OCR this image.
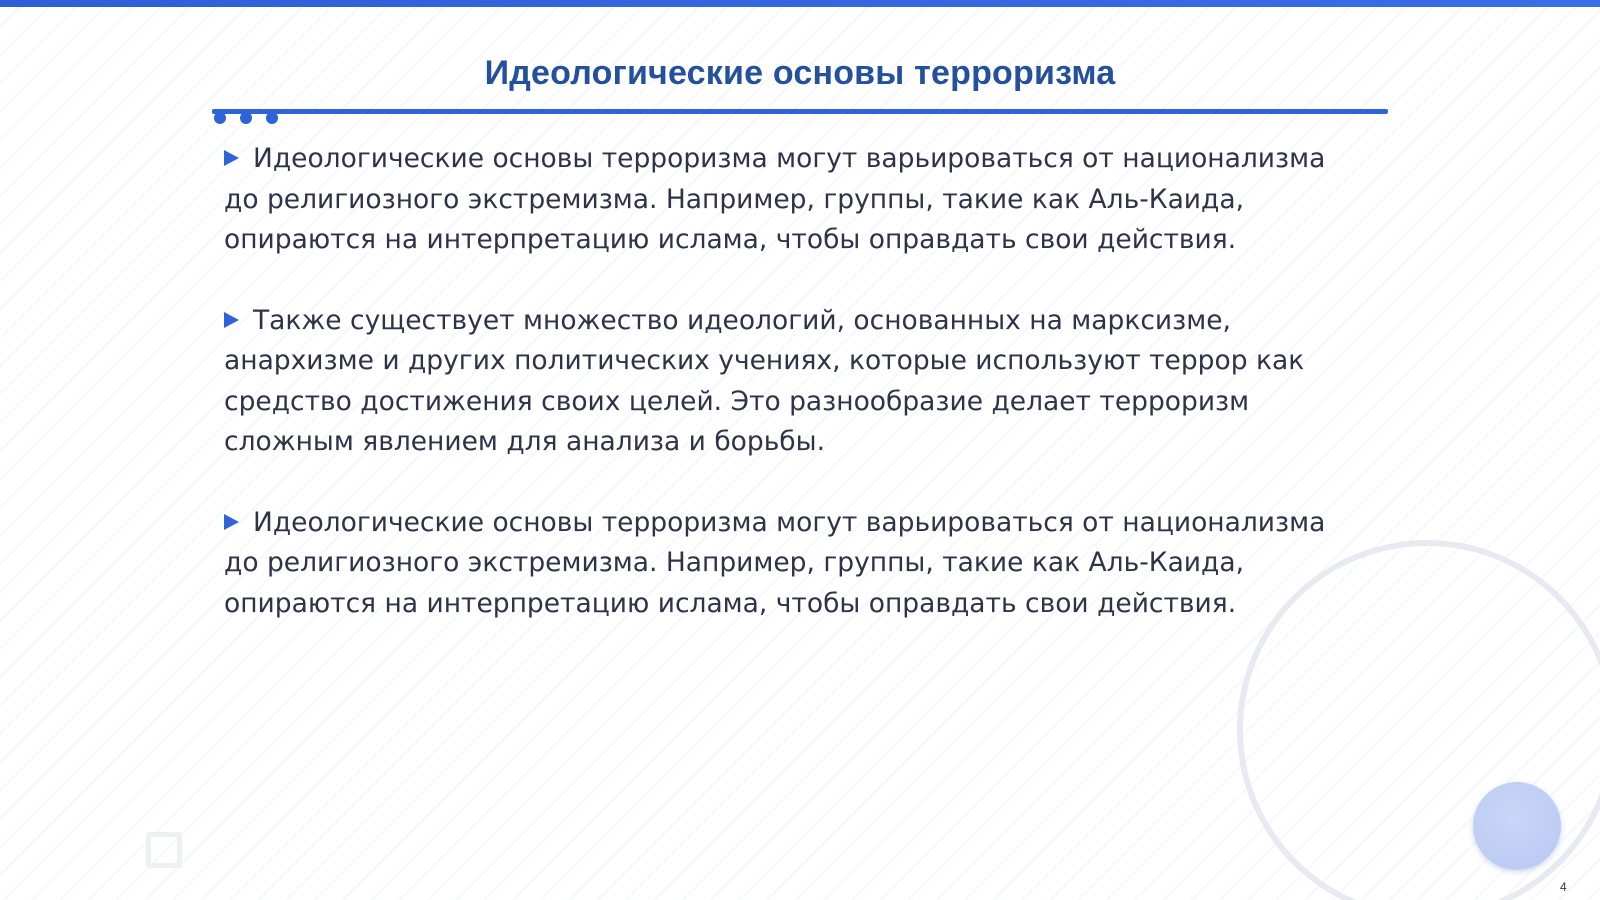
Идеологические основы терроризма

Идеологические основы терроризма могут варьироваться от национализма до религиозного экстремизма. Например, группы, такие как Аль-Каида, опираются на интерпретацию ислама, чтобы оправдать свои действия.

Также существует множество идеологий, основанных на марксизме, анархизме и других политических учениях, которые используют террор как средство достижения своих целей. Это разнообразие делает терроризм сложным явлением для анализа и борьбы.

Идеологические основы терроризма могут варьироваться от национализма до религиозного экстремизма. Например, группы, такие как Аль-Каида, опираются на интерпретацию ислама, чтобы оправдать свои действия.

4
